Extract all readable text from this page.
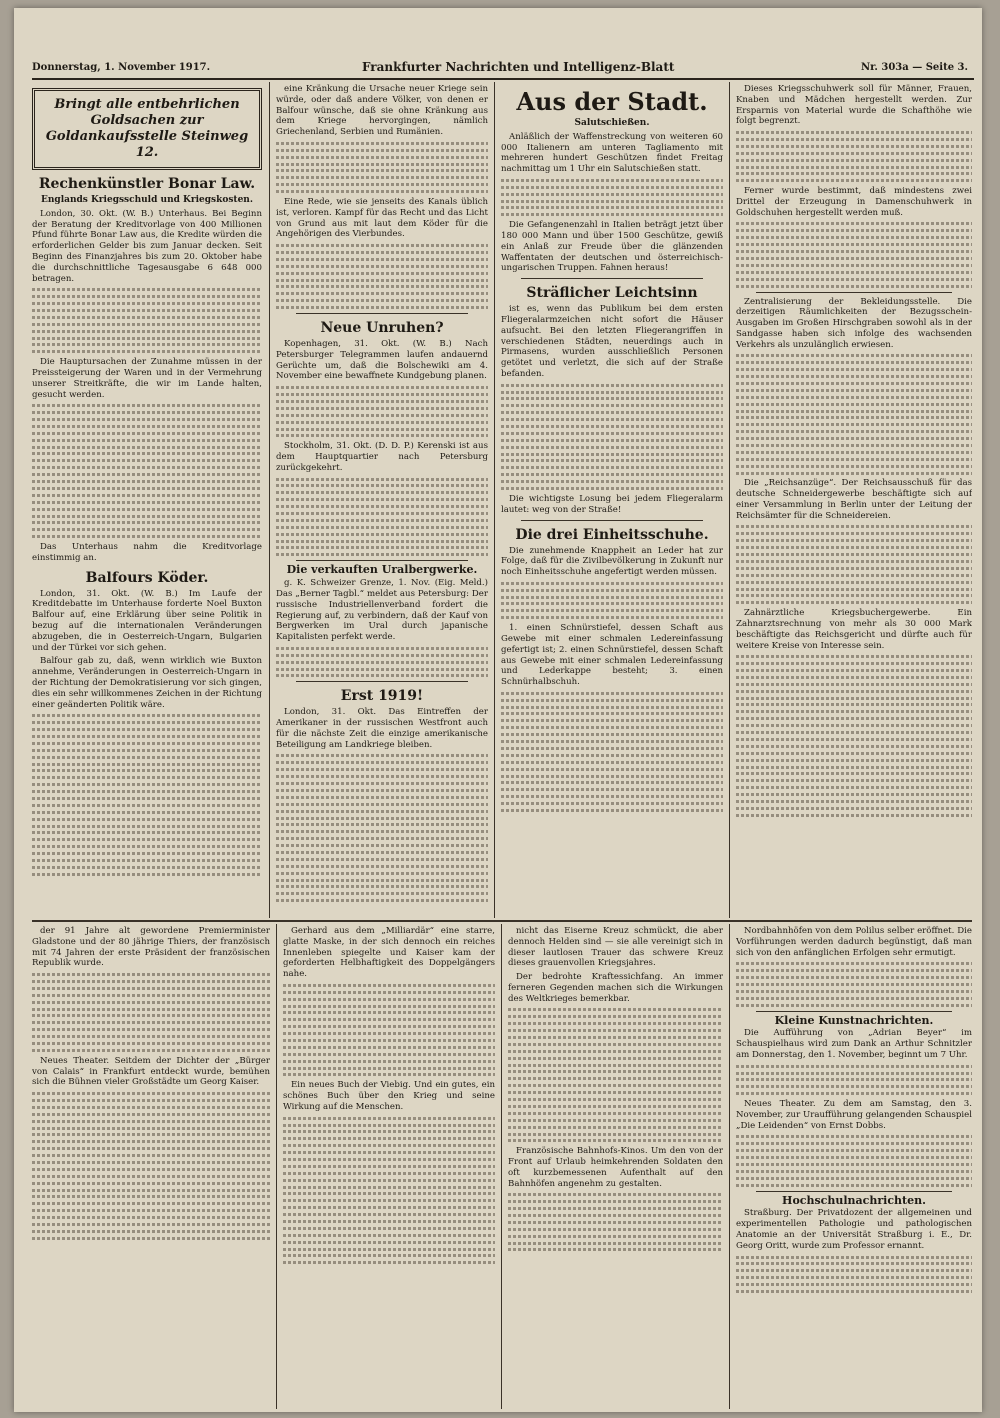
Donnerstag, 1. November 1917.	Frankfurter Nachrichten und Intelligenz-Blatt	Nr. 303a — Seite 3.
Bringt alle entbehrlichen Goldsachen zur Goldankaufsstelle Steinweg 12.
Rechenkünstler Bonar Law.
Englands Kriegsschuld und Kriegskosten.

London, 30. Okt. (W. B.) Unterhaus. Bei Beginn der Beratung der Kreditvorlage von 400 Millionen Pfund führte Bonar Law aus, die Kredite würden die erforderlichen Gelder bis zum Januar decken. Seit Beginn des Finanzjahres bis zum 20. Oktober habe die durchschnittliche Tagesausgabe 6 648 000 betragen.

Die Hauptursachen der Zunahme müssen in der Preissteigerung der Waren und in der Vermehrung unserer Streitkräfte, die wir im Lande halten, gesucht werden.

Das Unterhaus nahm die Kreditvorlage einstimmig an.

Balfours Köder.

London, 31. Okt. (W. B.) Im Laufe der Kreditdebatte im Unterhause forderte Noel Buxton Balfour auf, eine Erklärung über seine Politik in bezug auf die internationalen Veränderungen abzugeben, die in Oesterreich-Ungarn, Bulgarien und der Türkei vor sich gehen.

Balfour gab zu, daß, wenn wirklich wie Buxton annehme, Veränderungen in Oesterreich-Ungarn in der Richtung der Demokratisierung vor sich gingen, dies ein sehr willkommenes Zeichen in der Richtung einer geänderten Politik wäre.

eine Kränkung die Ursache neuer Kriege sein würde, oder daß andere Völker, von denen er Balfour wünsche, daß sie ohne Kränkung aus dem Kriege hervorgingen, nämlich Griechenland, Serbien und Rumänien.

Eine Rede, wie sie jenseits des Kanals üblich ist, verloren. Kampf für das Recht und das Licht von Grund aus mit laut dem Köder für die Angehörigen des Vierbundes.

Neue Unruhen?

Kopenhagen, 31. Okt. (W. B.) Nach Petersburger Telegrammen laufen andauernd Gerüchte um, daß die Bolschewiki am 4. November eine bewaffnete Kundgebung planen.

Stockholm, 31. Okt. (D. D. P.) Kerenski ist aus dem Hauptquartier nach Petersburg zurückgekehrt.

Die verkauften Uralbergwerke.

g. K. Schweizer Grenze, 1. Nov. (Eig. Meld.) Das „Berner Tagbl.“ meldet aus Petersburg: Der russische Industriellenverband fordert die Regierung auf, zu verbindern, daß der Kauf von Bergwerken im Ural durch japanische Kapitalisten perfekt werde.

Erst 1919!

London, 31. Okt. Das Eintreffen der Amerikaner in der russischen Westfront auch für die nächste Zeit die einzige amerikanische Beteiligung am Landkriege bleiben.

Aus der Stadt.
Salutschießen.

Anläßlich der Waffenstreckung von weiteren 60 000 Italienern am unteren Tagliamento mit mehreren hundert Geschützen findet Freitag nachmittag um 1 Uhr ein Salutschießen statt.

Die Gefangenenzahl in Italien beträgt jetzt über 180 000 Mann und über 1500 Geschütze, gewiß ein Anlaß zur Freude über die glänzenden Waffentaten der deutschen und österreichisch-ungarischen Truppen. Fahnen heraus!

Sträflicher Leichtsinn

ist es, wenn das Publikum bei dem ersten Fliegeralarmzeichen nicht sofort die Häuser aufsucht. Bei den letzten Fliegerangriffen in verschiedenen Städten, neuerdings auch in Pirmasens, wurden ausschließlich Personen getötet und verletzt, die sich auf der Straße befanden.

Die wichtigste Losung bei jedem Fliegeralarm lautet: weg von der Straße!

Die drei Einheitsschuhe.

Die zunehmende Knappheit an Leder hat zur Folge, daß für die Zivilbevölkerung in Zukunft nur noch Einheitsschuhe angefertigt werden müssen.

1. einen Schnürstiefel, dessen Schaft aus Gewebe mit einer schmalen Ledereinfassung gefertigt ist; 2. einen Schnürstiefel, dessen Schaft aus Gewebe mit einer schmalen Ledereinfassung und Lederkappe besteht; 3. einen Schnürhalbschuh.

Dieses Kriegsschuhwerk soll für Männer, Frauen, Knaben und Mädchen hergestellt werden. Zur Ersparnis von Material wurde die Schafthöhe wie folgt begrenzt.

Ferner wurde bestimmt, daß mindestens zwei Drittel der Erzeugung in Damenschuhwerk in Goldschuhen hergestellt werden muß.

Zentralisierung der Bekleidungsstelle. Die derzeitigen Räumlichkeiten der Bezugsschein-Ausgaben im Großen Hirschgraben sowohl als in der Sandgasse haben sich infolge des wachsenden Verkehrs als unzulänglich erwiesen.

Die „Reichsanzüge“. Der Reichsausschuß für das deutsche Schneidergewerbe beschäftigte sich auf einer Versammlung in Berlin unter der Leitung der Reichsämter für die Schneidereien.

Zahnärztliche Kriegsbuchergewerbe. Ein Zahnarztsrechnung von mehr als 30 000 Mark beschäftigte das Reichsgericht und dürfte auch für weitere Kreise von Interesse sein.

der 91 Jahre alt gewordene Premierminister Gladstone und der 80 jährige Thiers, der französisch mit 74 Jahren der erste Präsident der französischen Republik wurde.

Neues Theater. Seitdem der Dichter der „Bürger von Calais“ in Frankfurt entdeckt wurde, bemühen sich die Bühnen vieler Großstädte um Georg Kaiser.

Gerhard aus dem „Milliardär“ eine starre, glatte Maske, in der sich dennoch ein reiches Innenleben spiegelte und Kaiser kam der geforderten Helbhaftigkeit des Doppelgängers nahe.

Ein neues Buch der Viebig. Und ein gutes, ein schönes Buch über den Krieg und seine Wirkung auf die Menschen.

nicht das Eiserne Kreuz schmückt, die aber dennoch Helden sind — sie alle vereinigt sich in dieser lautlosen Trauer das schwere Kreuz dieses grauenvollen Kriegsjahres.

Der bedrohte Kraftessichfang. An immer ferneren Gegenden machen sich die Wirkungen des Weltkrieges bemerkbar.

Französische Bahnhofs-Kinos. Um den von der Front auf Urlaub heimkehrenden Soldaten den oft kurzbemessenen Aufenthalt auf den Bahnhöfen angenehm zu gestalten.

Nordbahnhöfen von dem Polilus selber eröffnet. Die Vorführungen werden dadurch begünstigt, daß man sich von den anfänglichen Erfolgen sehr ermutigt.

Kleine Kunstnachrichten.

Die Aufführung von „Adrian Beyer“ im Schauspielhaus wird zum Dank an Arthur Schnitzler am Donnerstag, den 1. November, beginnt um 7 Uhr.

Neues Theater. Zu dem am Samstag, den 3. November, zur Uraufführung gelangenden Schauspiel „Die Leidenden“ von Ernst Dobbs.

Hochschulnachrichten.

Straßburg. Der Privatdozent der allgemeinen und experimentellen Pathologie und pathologischen Anatomie an der Universität Straßburg i. E., Dr. Georg Oritt, wurde zum Professor ernannt.
